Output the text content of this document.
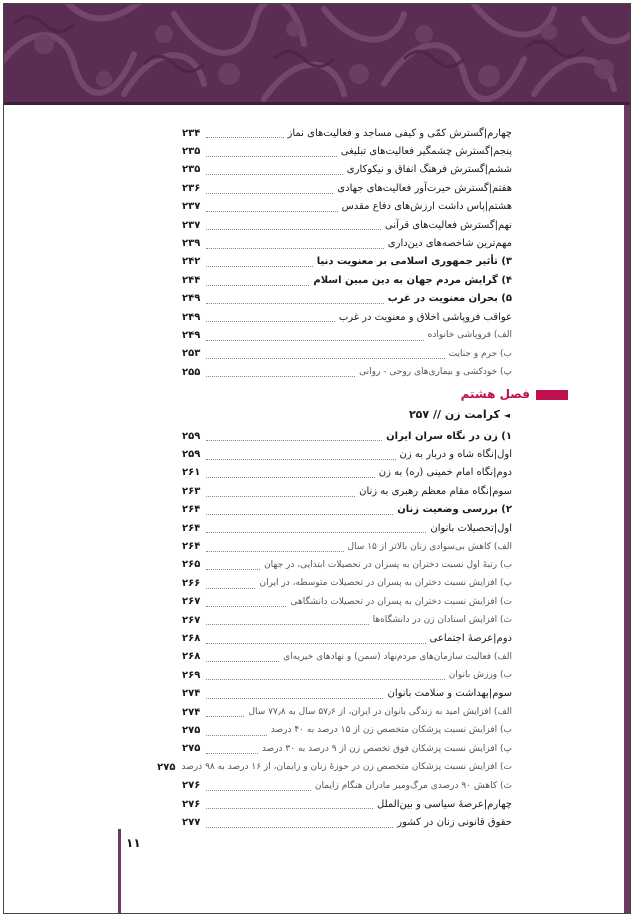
چهارم|گسترش کمّی و کیفی مساجد و فعالیت‌های نماز
۲۳۴
پنجم|گسترش چشمگیر فعالیت‌های تبلیغی
۲۳۵
ششم|گسترش فرهنگ انفاق و نیکوکاری
۲۳۵
هفتم|گسترش حیرت‌آور فعالیت‌های جهادی
۲۳۶
هشتم|پاس داشت ارزش‌های دفاع مقدس
۲۳۷
نهم|گسترش فعالیت‌های قرآنی
۲۳۷
مهم‌ترین شاخصه‌های دین‌داری
۲۳۹
۳) تأثیر جمهوری اسلامی بر معنویت دنیا
۲۴۲
۴) گرایش مردم جهان به دین مبین اسلام
۲۴۴
۵) بحران معنویت در غرب
۲۴۹
عواقب فروپاشی اخلاق و معنویت در غرب
۲۴۹
الف) فروپاشی خانواده
۲۴۹
ب) جرم و جنایت
۲۵۳
پ) خودکشی و بیماری‌های روحی - روانی
۲۵۵
فصل هشتم
◄کرامت زن // ۲۵۷
۱) زن در نگاه سران ایران
۲۵۹
اول|نگاه شاه و دربار به زن
۲۵۹
دوم|نگاه امام خمینی (ره) به زن
۲۶۱
سوم|نگاه مقام معظم رهبری به زنان
۲۶۳
۲) بررسی وضعیت زنان
۲۶۴
اول|تحصیلات بانوان
۲۶۴
الف) کاهش بی‌سوادی زنان بالاتر از ۱۵ سال
۲۶۴
ب) رتبهٔ اول نسبت دختران به پسران در تحصیلات ابتدایی، در جهان
۲۶۵
پ) افزایش نسبت دختران به پسران در تحصیلات متوسطه، در ایران
۲۶۶
ت) افزایش نسبت دختران به پسران در تحصیلات دانشگاهی
۲۶۷
ث) افزایش استادان زن در دانشگاه‌ها
۲۶۷
دوم|عرصهٔ اجتماعی
۲۶۸
الف) فعالیت سازمان‌های مردم‌نهاد (سمن) و نهادهای خیریه‌ای
۲۶۸
ب) ورزش بانوان
۲۶۹
سوم|بهداشت و سلامت بانوان
۲۷۴
الف) افزایش امید به زندگی بانوان در ایران، از ۵۷٫۶ سال به ۷۷٫۸ سال
۲۷۴
ب) افزایش نسبت پزشکان متخصص زن از ۱۵ درصد به ۴۰ درصد
۲۷۵
پ) افزایش نسبت پزشکان فوق تخصص زن از ۹ درصد به ۳۰ درصد
۲۷۵
ت) افزایش نسبت پزشکان متخصص زن در حوزهٔ زنان و زایمان، از ۱۶ درصد به ۹۸ درصد
۲۷۵
ث) کاهش ۹۰ درصدی مرگ‌ومیر مادران هنگام زایمان
۲۷۶
چهارم|عرصهٔ سیاسی و بین‌الملل
۲۷۶
حقوق قانونی زنان در کشور
۲۷۷
۱۱
